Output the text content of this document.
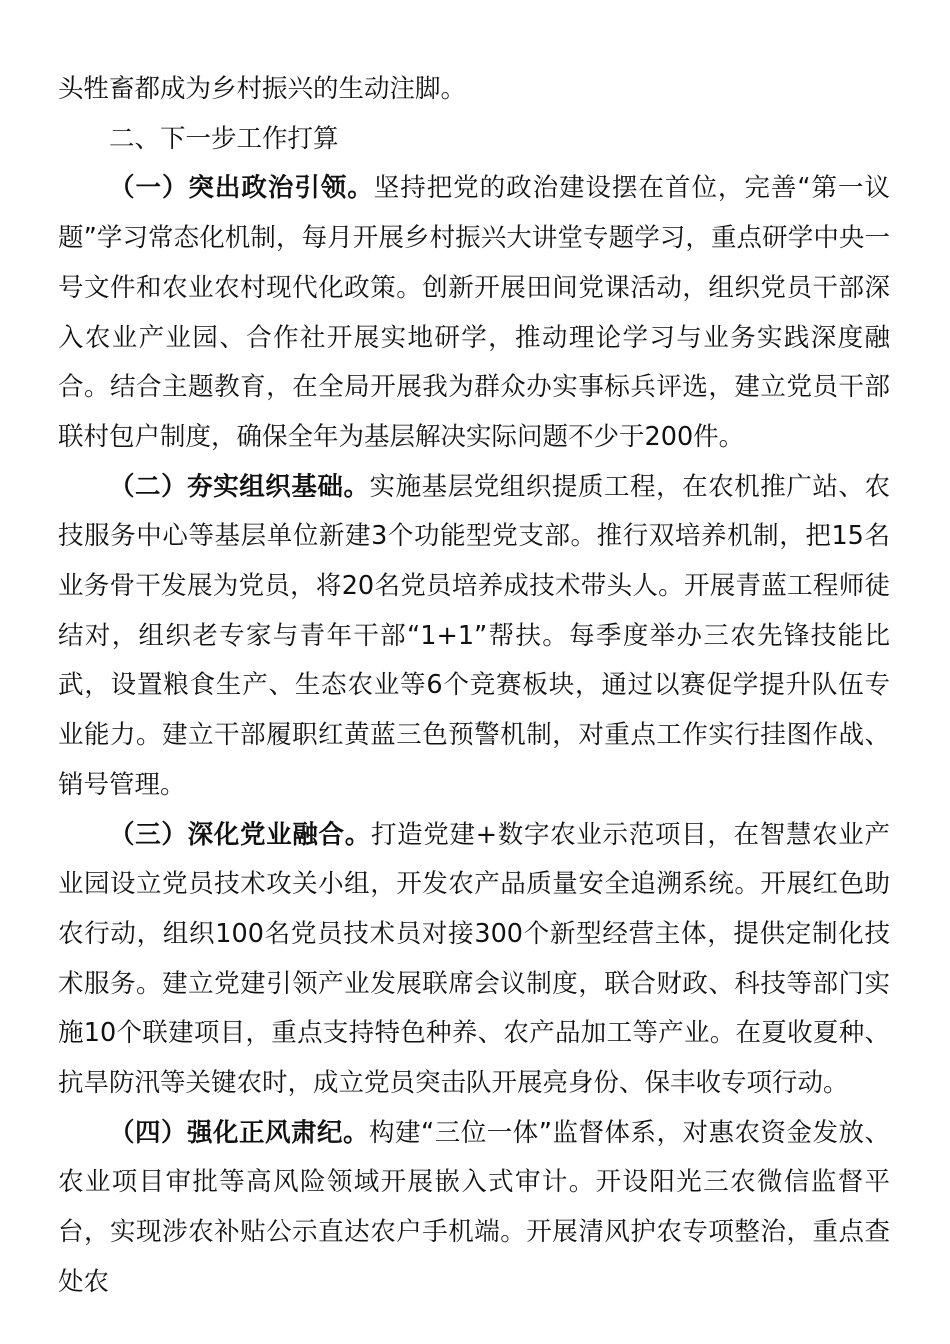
头牲畜都成为乡村振兴的生动注脚。

二、下一步工作打算

（一）突出政治引领。坚持把党的政治建设摆在首位，完善“第一议题”学习常态化机制，每月开展乡村振兴大讲堂专题学习，重点研学中央一号文件和农业农村现代化政策。创新开展田间党课活动，组织党员干部深入农业产业园、合作社开展实地研学，推动理论学习与业务实践深度融合。结合主题教育，在全局开展我为群众办实事标兵评选，建立党员干部联村包户制度，确保全年为基层解决实际问题不少于200件。

（二）夯实组织基础。实施基层党组织提质工程，在农机推广站、农技服务中心等基层单位新建3个功能型党支部。推行双培养机制，把15名业务骨干发展为党员，将20名党员培养成技术带头人。开展青蓝工程师徒结对，组织老专家与青年干部“1+1”帮扶。每季度举办三农先锋技能比武，设置粮食生产、生态农业等6个竞赛板块，通过以赛促学提升队伍专业能力。建立干部履职红黄蓝三色预警机制，对重点工作实行挂图作战、销号管理。

（三）深化党业融合。打造党建+数字农业示范项目，在智慧农业产业园设立党员技术攻关小组，开发农产品质量安全追溯系统。开展红色助农行动，组织100名党员技术员对接300个新型经营主体，提供定制化技术服务。建立党建引领产业发展联席会议制度，联合财政、科技等部门实施10个联建项目，重点支持特色种养、农产品加工等产业。在夏收夏种、抗旱防汛等关键农时，成立党员突击队开展亮身份、保丰收专项行动。

（四）强化正风肃纪。构建“三位一体”监督体系，对惠农资金发放、农业项目审批等高风险领域开展嵌入式审计。开设阳光三农微信监督平台，实现涉农补贴公示直达农户手机端。开展清风护农专项整治，重点查处农
